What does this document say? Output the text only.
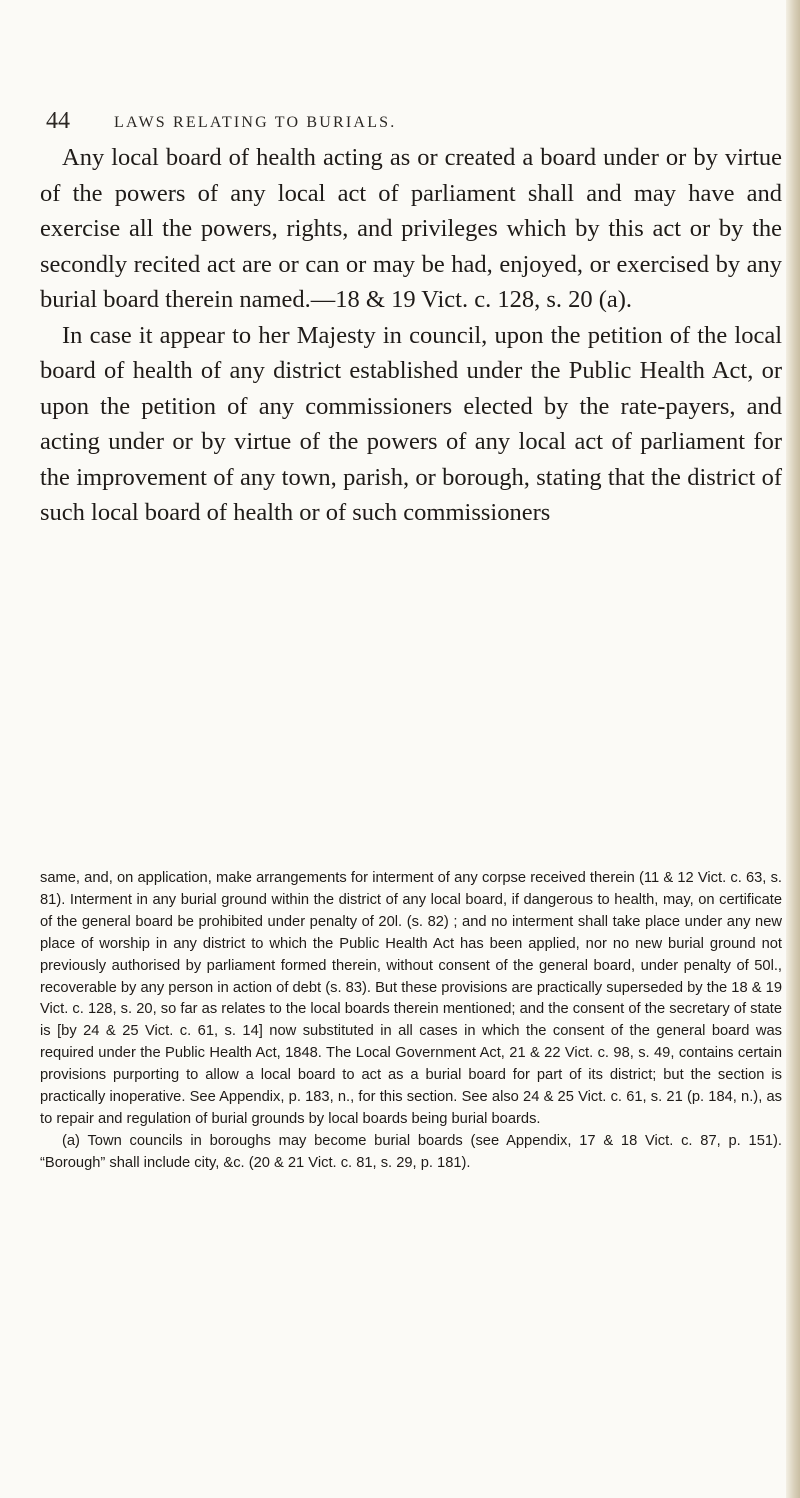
44	LAWS RELATING TO BURIALS.

Any local board of health acting as or created a board under or by virtue of the powers of any local act of parliament shall and may have and exercise all the powers, rights, and privileges which by this act or by the secondly recited act are or can or may be had, enjoyed, or exercised by any burial board therein named.—18 & 19 Vict. c. 128, s. 20 (a).

In case it appear to her Majesty in council, upon the petition of the local board of health of any district established under the Public Health Act, or upon the petition of any commissioners elected by the rate-payers, and acting under or by virtue of the powers of any local act of parliament for the improvement of any town, parish, or borough, stating that the district of such local board of health or of such commissioners

same, and, on application, make arrangements for interment of any corpse received therein (11 & 12 Vict. c. 63, s. 81). Interment in any burial ground within the district of any local board, if dangerous to health, may, on certificate of the general board be prohibited under penalty of 20l. (s. 82) ; and no interment shall take place under any new place of worship in any district to which the Public Health Act has been applied, nor no new burial ground not previously authorised by parliament formed therein, without consent of the general board, under penalty of 50l., recoverable by any person in action of debt (s. 83). But these provisions are practically superseded by the 18 & 19 Vict. c. 128, s. 20, so far as relates to the local boards therein mentioned; and the consent of the secretary of state is [by 24 & 25 Vict. c. 61, s. 14] now substituted in all cases in which the consent of the general board was required under the Public Health Act, 1848. The Local Government Act, 21 & 22 Vict. c. 98, s. 49, contains certain provisions purporting to allow a local board to act as a burial board for part of its district; but the section is practically inoperative. See Appendix, p. 183, n., for this section. See also 24 & 25 Vict. c. 61, s. 21 (p. 184, n.), as to repair and regulation of burial grounds by local boards being burial boards.

(a) Town councils in boroughs may become burial boards (see Appendix, 17 & 18 Vict. c. 87, p. 151). “Borough” shall include city, &c. (20 & 21 Vict. c. 81, s. 29, p. 181).
